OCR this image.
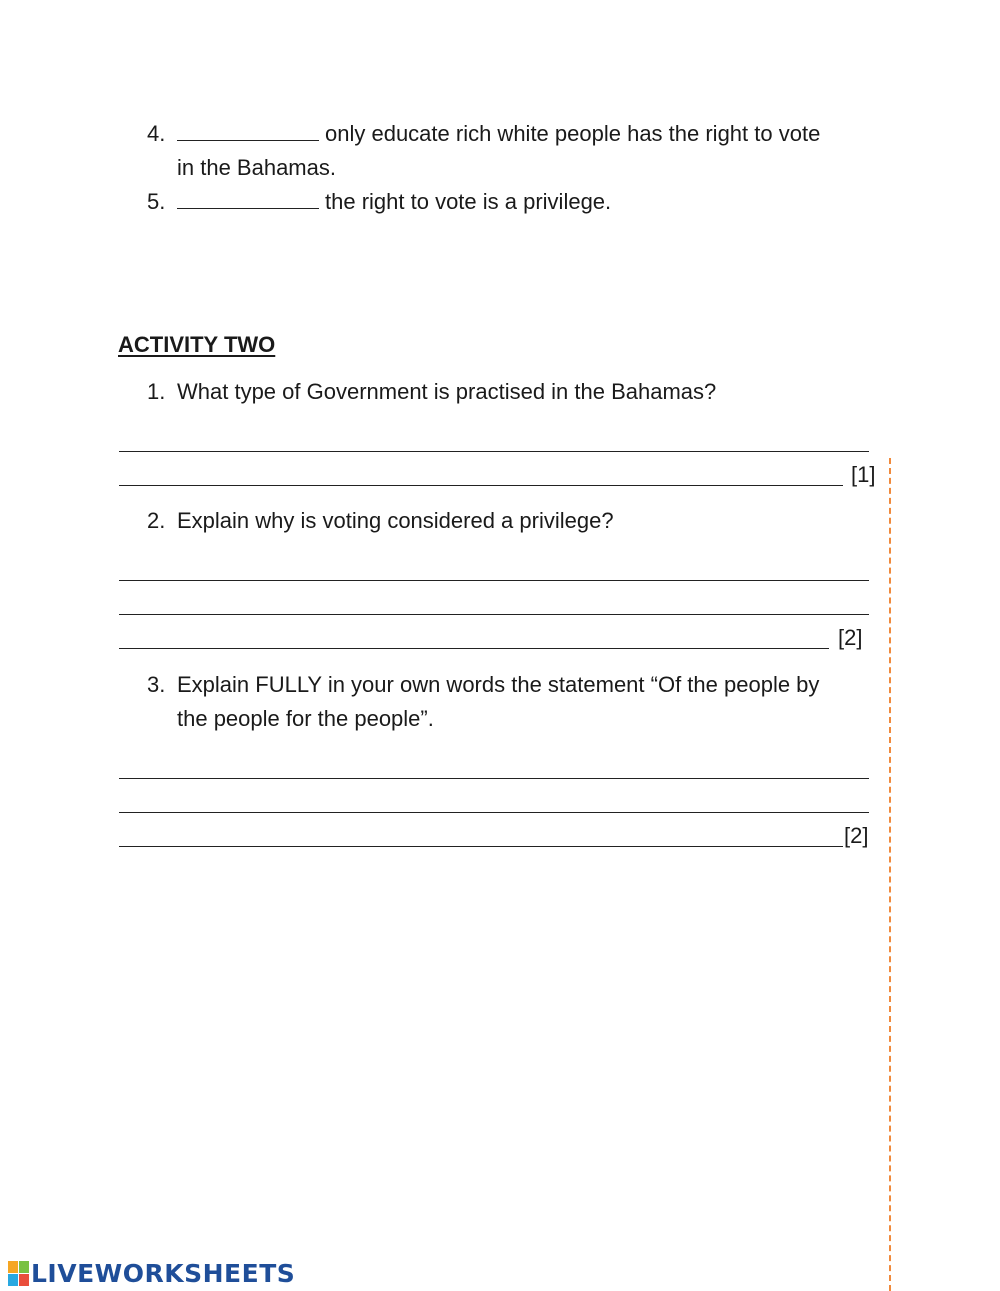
4.	only educate rich white people has the right to vote
in the Bahamas.
5.	the right to vote is a privilege.
ACTIVITY TWO
1. What type of Government is practised in the Bahamas?
[1]
2. Explain why is voting considered a privilege?
[2]
3. Explain FULLY in your own words the statement “Of the people by
the people for the people”.
[2]
LIVEWORKSHEETS
